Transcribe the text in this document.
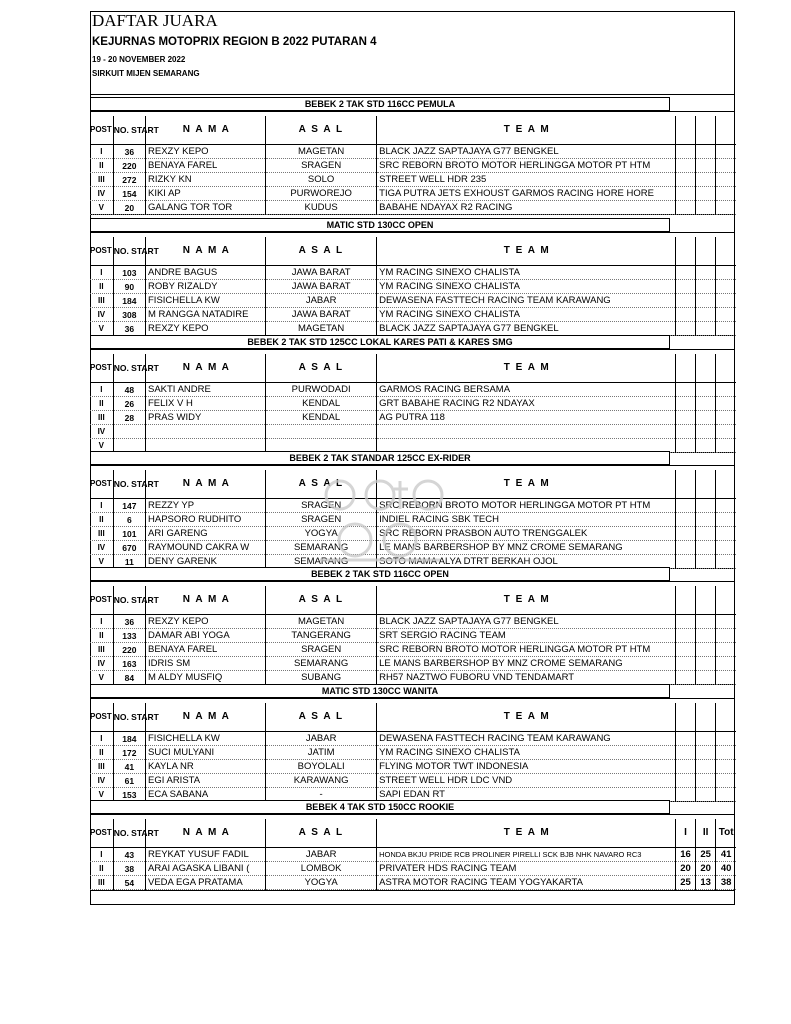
DAFTAR JUARA
KEJURNAS MOTOPRIX REGION B 2022 PUTARAN 4
19 - 20 NOVEMBER 2022
SIRKUIT MIJEN SEMARANG
BEBEK 2 TAK STD 116CC PEMULA
POST	NO. START	N A M A	A S A L	T E A M			
I	36	REXZY KEPO	MAGETAN	BLACK JAZZ SAPTAJAYA G77 BENGKEL			
II	220	BENAYA FAREL	SRAGEN	SRC REBORN BROTO MOTOR HERLINGGA MOTOR PT HTM			
III	272	RIZKY KN	SOLO	STREET WELL HDR 235			
IV	154	KIKI AP	PURWOREJO	TIGA PUTRA JETS EXHOUST GARMOS RACING HORE HORE			
V	20	GALANG TOR TOR	KUDUS	BABAHE NDAYAX R2 RACING			
MATIC STD 130CC OPEN
POST	NO. START	N A M A	A S A L	T E A M			
I	103	ANDRE BAGUS	JAWA BARAT	YM RACING SINEXO CHALISTA			
II	90	ROBY RIZALDY	JAWA BARAT	YM RACING SINEXO CHALISTA			
III	184	FISICHELLA KW	JABAR	DEWASENA FASTTECH RACING TEAM KARAWANG			
IV	308	M RANGGA NATADIRE	JAWA BARAT	YM RACING SINEXO CHALISTA			
V	36	REXZY KEPO	MAGETAN	BLACK JAZZ SAPTAJAYA G77 BENGKEL			
BEBEK 2 TAK STD 125CC LOKAL KARES PATI & KARES SMG
POST	NO. START	N A M A	A S A L	T E A M			
I	48	SAKTI ANDRE	PURWODADI	GARMOS RACING BERSAMA			
II	26	FELIX V H	KENDAL	GRT BABAHE RACING R2 NDAYAX			
III	28	PRAS WIDY	KENDAL	AG PUTRA 118			
IV							
V							
BEBEK 2 TAK STANDAR 125CC EX-RIDER
POST	NO. START	N A M A	A S A L	T E A M			
I	147	REZZY YP	SRAGEN	SRC REBORN BROTO MOTOR HERLINGGA MOTOR PT HTM			
II	6	HAPSORO RUDHITO	SRAGEN	INDIEL RACING SBK TECH			
III	101	ARI GARENG	YOGYA	SRC REBORN PRASBON AUTO TRENGGALEK			
IV	670	RAYMOUND CAKRA W	SEMARANG	LE MANS BARBERSHOP BY MNZ CROME SEMARANG			
V	11	DENY GARENK	SEMARANG	SOTO MAMA ALYA DTRT BERKAH OJOL			
BEBEK 2 TAK STD 116CC OPEN
POST	NO. START	N A M A	A S A L	T E A M			
I	36	REXZY KEPO	MAGETAN	BLACK JAZZ SAPTAJAYA G77 BENGKEL			
II	133	DAMAR ABI YOGA	TANGERANG	SRT SERGIO RACING TEAM			
III	220	BENAYA FAREL	SRAGEN	SRC REBORN BROTO MOTOR HERLINGGA MOTOR PT HTM			
IV	163	IDRIS SM	SEMARANG	LE MANS BARBERSHOP BY MNZ CROME SEMARANG			
V	84	M ALDY MUSFIQ	SUBANG	RH57 NAZTWO FUBORU VND TENDAMART			
MATIC STD 130CC WANITA
POST	NO. START	N A M A	A S A L	T E A M			
I	184	FISICHELLA KW	JABAR	DEWASENA FASTTECH RACING TEAM KARAWANG			
II	172	SUCI MULYANI	JATIM	YM RACING SINEXO CHALISTA			
III	41	KAYLA NR	BOYOLALI	FLYING MOTOR TWT INDONESIA			
IV	61	EGI ARISTA	KARAWANG	STREET WELL HDR LDC VND			
V	153	ECA SABANA	-	SAPI EDAN RT			
BEBEK 4 TAK STD 150CC ROOKIE
POST	NO. START	N A M A	A S A L	T E A M	I	II	Tot
I	43	REYKAT YUSUF FADIL	JABAR	HONDA BKJU PRIDE RCB PROLINER PIRELLI SCK BJB NHK NAVARO RC3	16	25	41
II	38	ARAI AGASKA LIBANI (	LOMBOK	PRIVATER HDS RACING TEAM	20	20	40
III	54	VEDA EGA PRATAMA	YOGYA	ASTRA MOTOR RACING TEAM YOGYAKARTA	25	13	38
